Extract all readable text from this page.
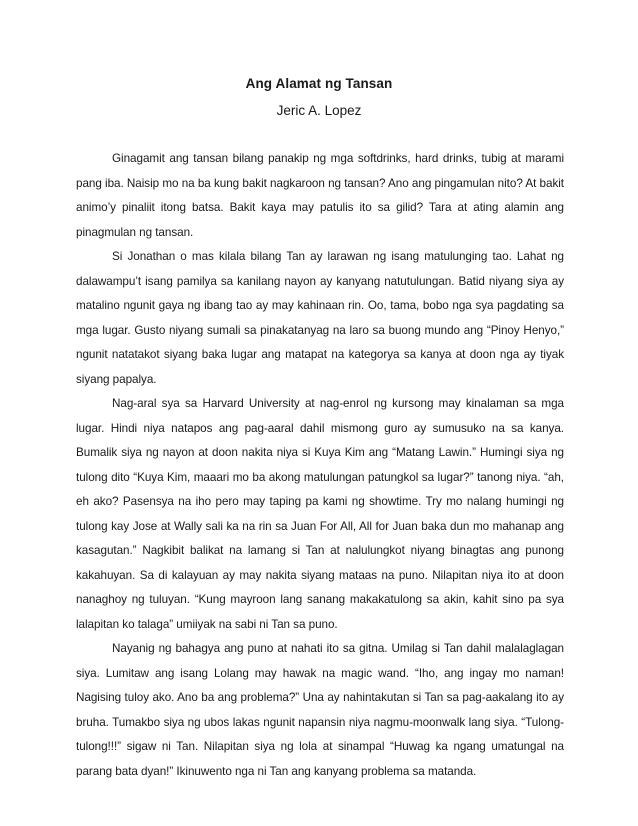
Ang Alamat ng Tansan
Jeric A. Lopez

Ginagamit ang tansan bilang panakip ng mga softdrinks, hard drinks, tubig at marami pang iba. Naisip mo na ba kung bakit nagkaroon ng tansan? Ano ang pingamulan nito? At bakit animo’y pinaliit itong batsa. Bakit kaya may patulis ito sa gilid? Tara at ating alamin ang pinagmulan ng tansan.

Si Jonathan o mas kilala bilang Tan ay larawan ng isang matulunging tao. Lahat ng dalawampu’t isang pamilya sa kanilang nayon ay kanyang natutulungan. Batid niyang siya ay matalino ngunit gaya ng ibang tao ay may kahinaan rin. Oo, tama, bobo nga sya pagdating sa mga lugar. Gusto niyang sumali sa pinakatanyag na laro sa buong mundo ang “Pinoy Henyo,” ngunit natatakot siyang baka lugar ang matapat na kategorya sa kanya at doon nga ay tiyak siyang papalya.

Nag-aral sya sa Harvard University at nag-enrol ng kursong may kinalaman sa mga lugar. Hindi niya natapos ang pag-aaral dahil mismong guro ay sumusuko na sa kanya. Bumalik siya ng nayon at doon nakita niya si Kuya Kim ang “Matang Lawin.” Humingi siya ng tulong dito “Kuya Kim, maaari mo ba akong matulungan patungkol sa lugar?” tanong niya. “ah, eh ako? Pasensya na iho pero may taping pa kami ng showtime. Try mo nalang humingi ng tulong kay Jose at Wally sali ka na rin sa Juan For All, All for Juan baka dun mo mahanap ang kasagutan.” Nagkibit balikat na lamang si Tan at nalulungkot niyang binagtas ang punong kakahuyan. Sa di kalayuan ay may nakita siyang mataas na puno. Nilapitan niya ito at doon nanaghoy ng tuluyan. “Kung mayroon lang sanang makakatulong sa akin, kahit sino pa sya lalapitan ko talaga” umiiyak na sabi ni Tan sa puno.

Nayanig ng bahagya ang puno at nahati ito sa gitna. Umilag si Tan dahil malalaglagan siya. Lumitaw ang isang Lolang may hawak na magic wand. “Iho, ang ingay mo naman! Nagising tuloy ako. Ano ba ang problema?” Una ay nahintakutan si Tan sa pag-aakalang ito ay bruha. Tumakbo siya ng ubos lakas ngunit napansin niya nagmu-moonwalk lang siya. “Tulong-tulong!!!” sigaw ni Tan. Nilapitan siya ng lola at sinampal “Huwag ka ngang umatungal na parang bata dyan!” Ikinuwento nga ni Tan ang kanyang problema sa matanda.
